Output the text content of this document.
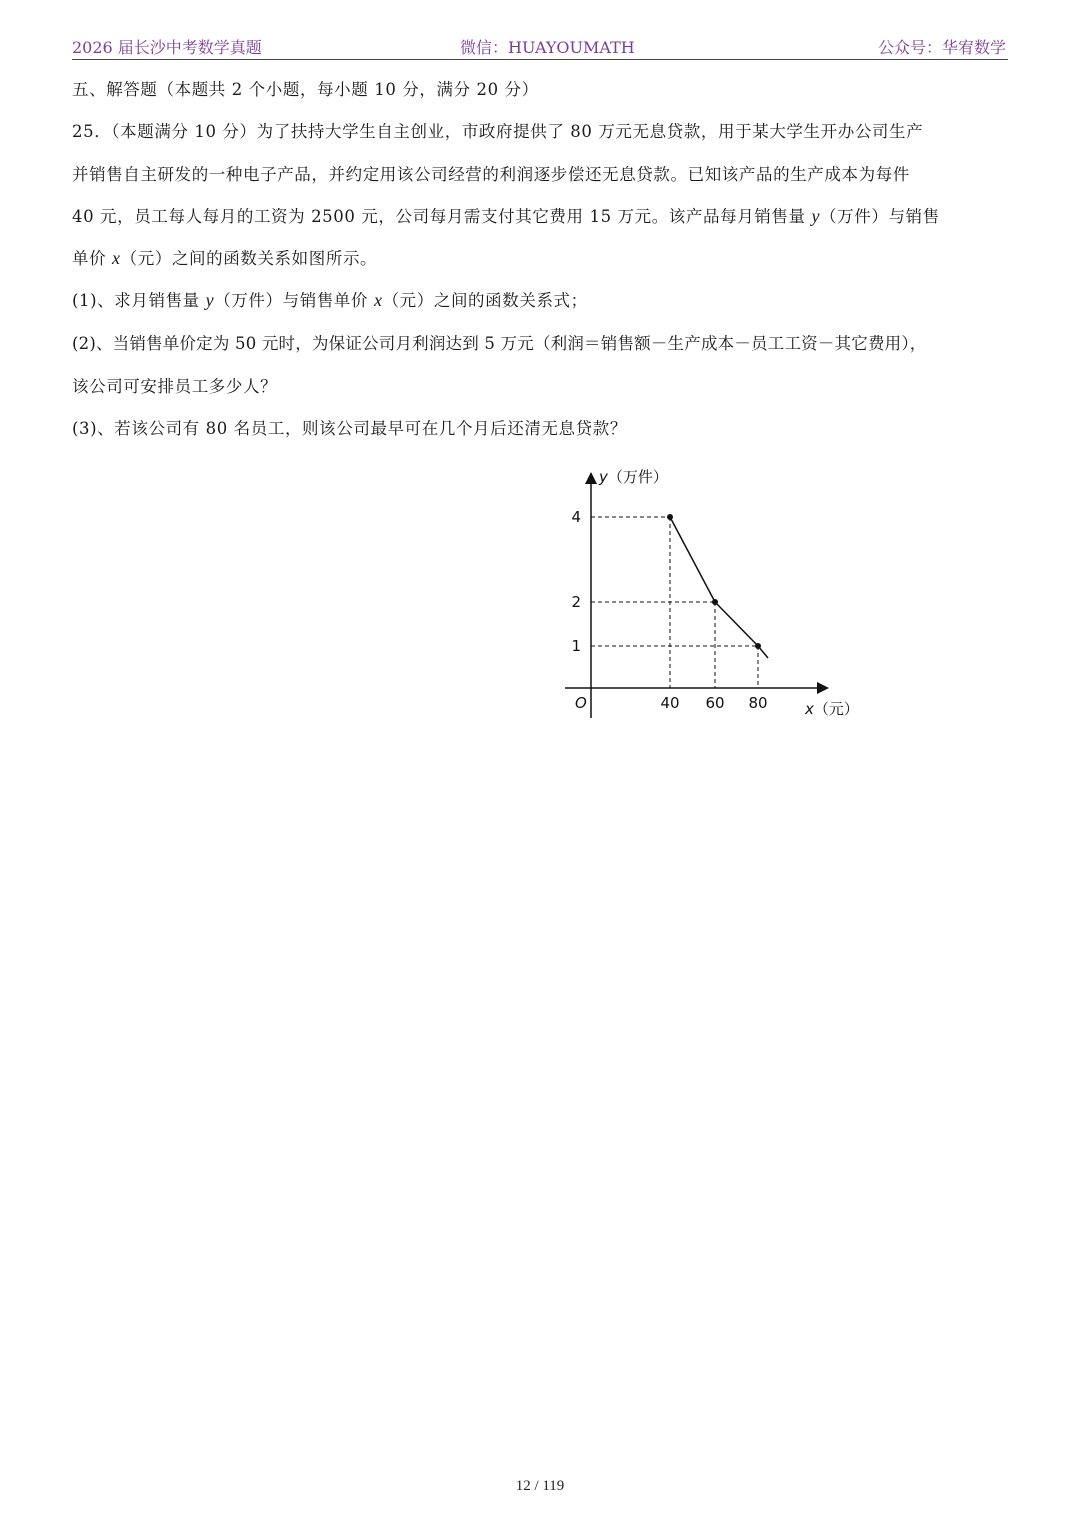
2026 届长沙中考数学真题	微信：HUAYOUMATH	公众号：华宥数学
五、解答题（本题共 2 个小题，每小题 10 分，满分 20 分）
25．（本题满分 10 分）为了扶持大学生自主创业，市政府提供了 80 万元无息贷款，用于某大学生开办公司生产
并销售自主研发的一种电子产品，并约定用该公司经营的利润逐步偿还无息贷款。已知该产品的生产成本为每件
40 元，员工每人每月的工资为 2500 元，公司每月需支付其它费用 15 万元。该产品每月销售量 y（万件）与销售
单价 x（元）之间的函数关系如图所示。
(1)、求月销售量 y（万件）与销售单价 x（元）之间的函数关系式；
(2)、当销售单价定为 50 元时，为保证公司月利润达到 5 万元（利润＝销售额－生产成本－员工工资－其它费用），
该公司可安排员工多少人？
(3)、若该公司有 80 名员工，则该公司最早可在几个月后还清无息贷款？
40 60 80
4
2
1
O
y（万件）
x（元）
12 / 119
